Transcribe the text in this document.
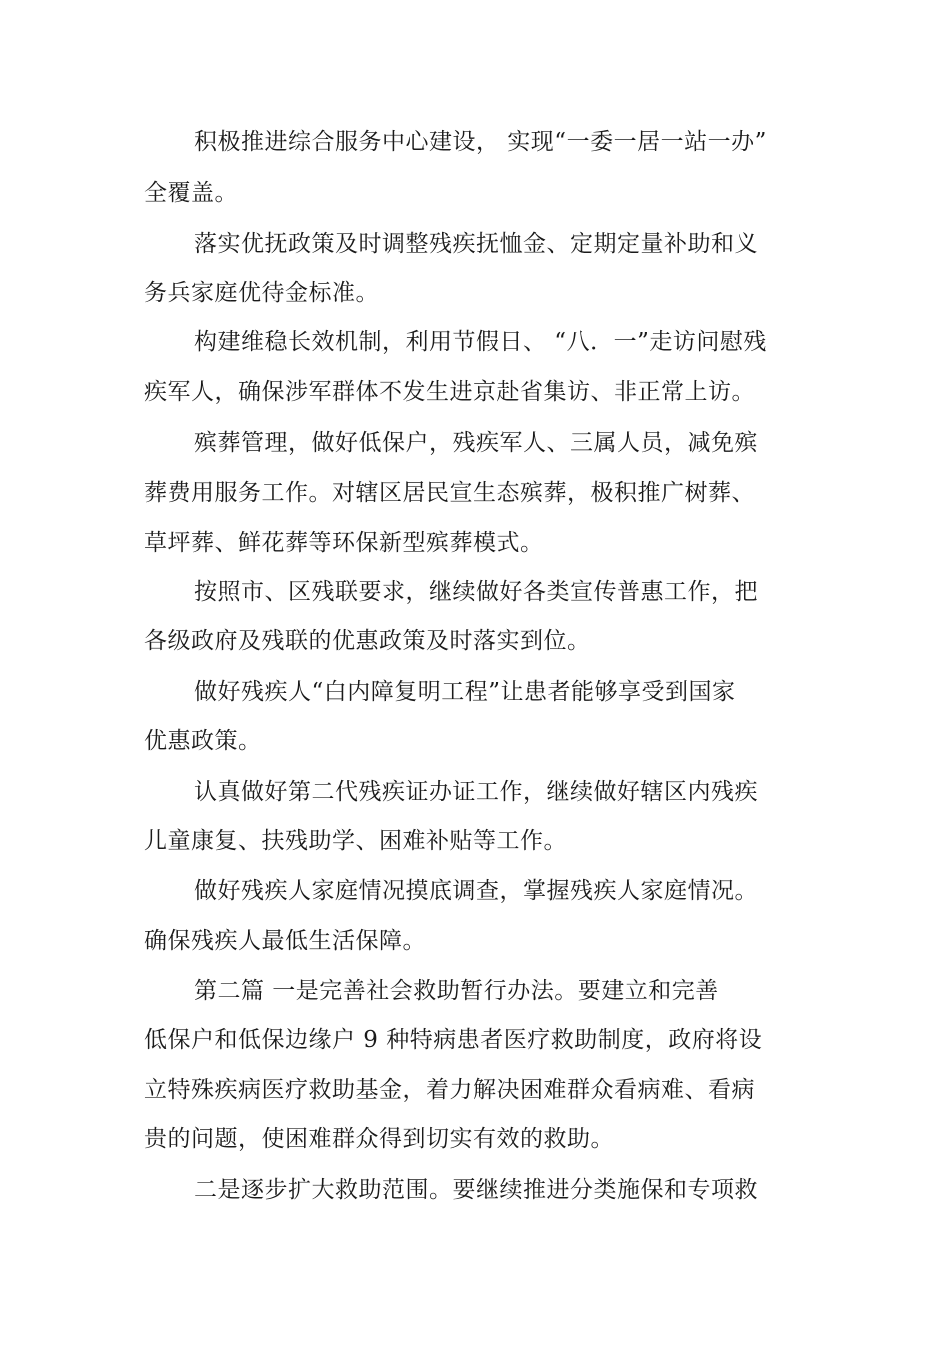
积极推进综合服务中心建设， 实现“一委一居一站一办”
全覆盖。
落实优抚政策及时调整残疾抚恤金、定期定量补助和义
务兵家庭优待金标准。
构建维稳长效机制，利用节假日、 “八．一”走访问慰残
疾军人，确保涉军群体不发生进京赴省集访、非正常上访。
殡葬管理，做好低保户，残疾军人、三属人员，减免殡
葬费用服务工作。对辖区居民宣生态殡葬，极积推广树葬、
草坪葬、鲜花葬等环保新型殡葬模式。
按照市、区残联要求，继续做好各类宣传普惠工作，把
各级政府及残联的优惠政策及时落实到位。
做好残疾人“白内障复明工程”让患者能够享受到国家
优惠政策。
认真做好第二代残疾证办证工作，继续做好辖区内残疾
儿童康复、扶残助学、困难补贴等工作。
做好残疾人家庭情况摸底调查，掌握残疾人家庭情况。
确保残疾人最低生活保障。
第二篇 一是完善社会救助暂行办法。要建立和完善
低保户和低保边缘户 9 种特病患者医疗救助制度，政府将设
立特殊疾病医疗救助基金，着力解决困难群众看病难、看病
贵的问题，使困难群众得到切实有效的救助。
二是逐步扩大救助范围。要继续推进分类施保和专项救
